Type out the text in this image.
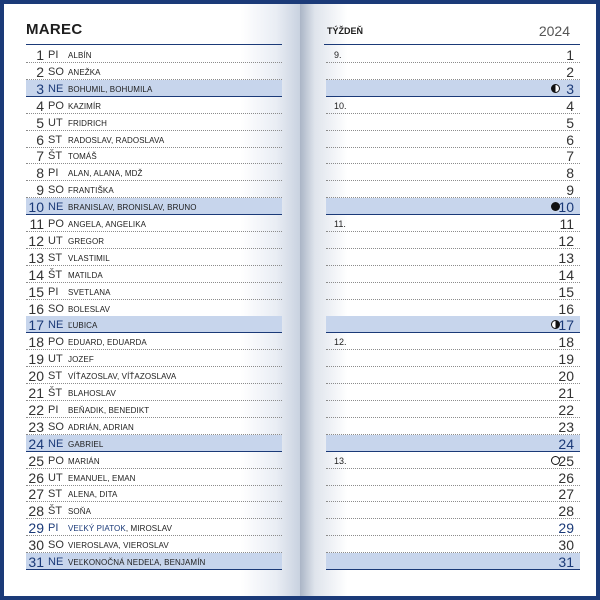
MAREC
1 PI ALBÍN
2 SO ANEŽKA
3 NE BOHUMIL, BOHUMILA
4 PO KAZIMÍR
5 UT FRIDRICH
6 ST RADOSLAV, RADOSLAVA
7 ŠT TOMÁŠ
8 PI ALAN, ALANA, MDŽ
9 SO FRANTIŠKA
10 NE BRANISLAV, BRONISLAV, BRUNO
11 PO ANGELA, ANGELIKA
12 UT GREGOR
13 ST VLASTIMIL
14 ŠT MATILDA
15 PI SVETLANA
16 SO BOLESLAV
17 NE ĽUBICA
18 PO EDUARD, EDUARDA
19 UT JOZEF
20 ST VÍŤAZOSLAV, VÍŤAZOSLAVA
21 ŠT BLAHOSLAV
22 PI BEŇADIK, BENEDIKT
23 SO ADRIÁN, ADRIAN
24 NE GABRIEL
25 PO MARIÁN
26 UT EMANUEL, EMAN
27 ST ALENA, DITA
28 ŠT SOŇA
29 PI VEĽKÝ PIATOK, MIROSLAV
30 SO VIEROSLAVA, VIEROSLAV
31 NE VEĽKONOČNÁ NEDEĽA, BENJAMÍN
TÝŽDEŇ	2024
9.	1
2
3
10.	4
5
6
7
8
9
10
11.	11
12
13
14
15
16
17
12.	18
19
20
21
22
23
24
13.	25
26
27
28
29
30
31
